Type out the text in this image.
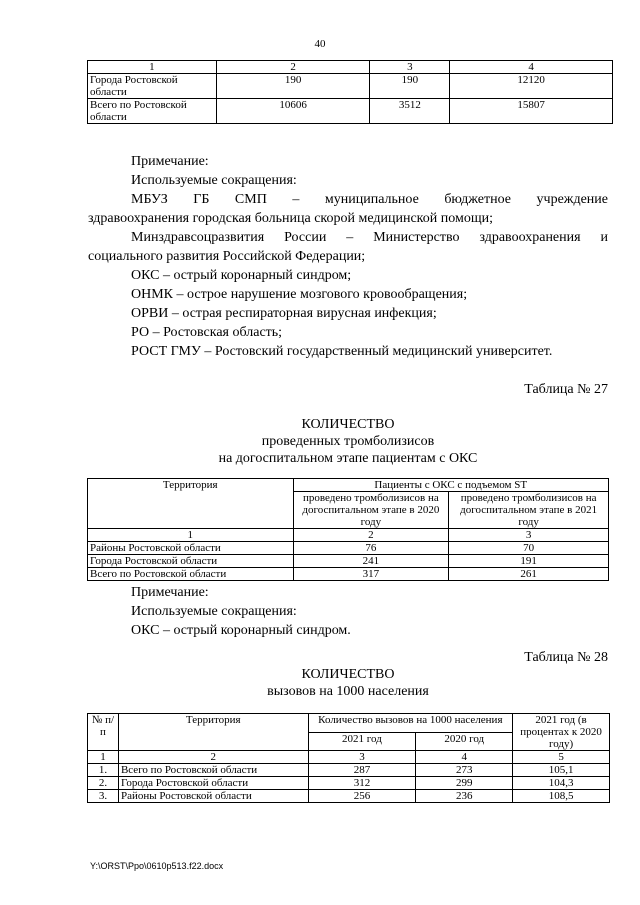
40
1	2	3	4
Города Ростовской
области	190	190	12120
Всего по Ростовской
области	10606	3512	15807
Примечание:
Используемые сокращения:
МБУЗ ГБ СМП – муниципальное бюджетное учреждение
здравоохранения городская больница скорой медицинской помощи;
Минздравсоцразвития России – Министерство здравоохранения и
социального развития Российской Федерации;
ОКС – острый коронарный синдром;
ОНМК – острое нарушение мозгового кровообращения;
ОРВИ – острая респираторная вирусная инфекция;
РО – Ростовская область;
РОСТ ГМУ – Ростовский государственный медицинский университет.
Таблица № 27
КОЛИЧЕСТВО
проведенных тромболизисов
на догоспитальном этапе пациентам с ОКС
Территория	Пациенты с ОКС с подъемом ST	
	проведено тромболизисов на догоспитальном этапе в 2020 году	проведено тромболизисов на догоспитальном этапе в 2021 году
1	2	3
Районы Ростовской области	76	70
Города Ростовской области	241	191
Всего по Ростовской области	317	261
Примечание:
Используемые сокращения:
ОКС – острый коронарный синдром.
Таблица № 28
КОЛИЧЕСТВО
вызовов на 1000 населения
№ п/п	Территория	Количество вызовов на 1000 населения		2021 год (в процентах к 2020 году)
		2021 год	2020 год	
1	2	3	4	5
1.	Всего по Ростовской области	287	273	105,1
2.	Города Ростовской области	312	299	104,3
3.	Районы Ростовской области	256	236	108,5
Y:\ORST\Ppo\0610p513.f22.docx
